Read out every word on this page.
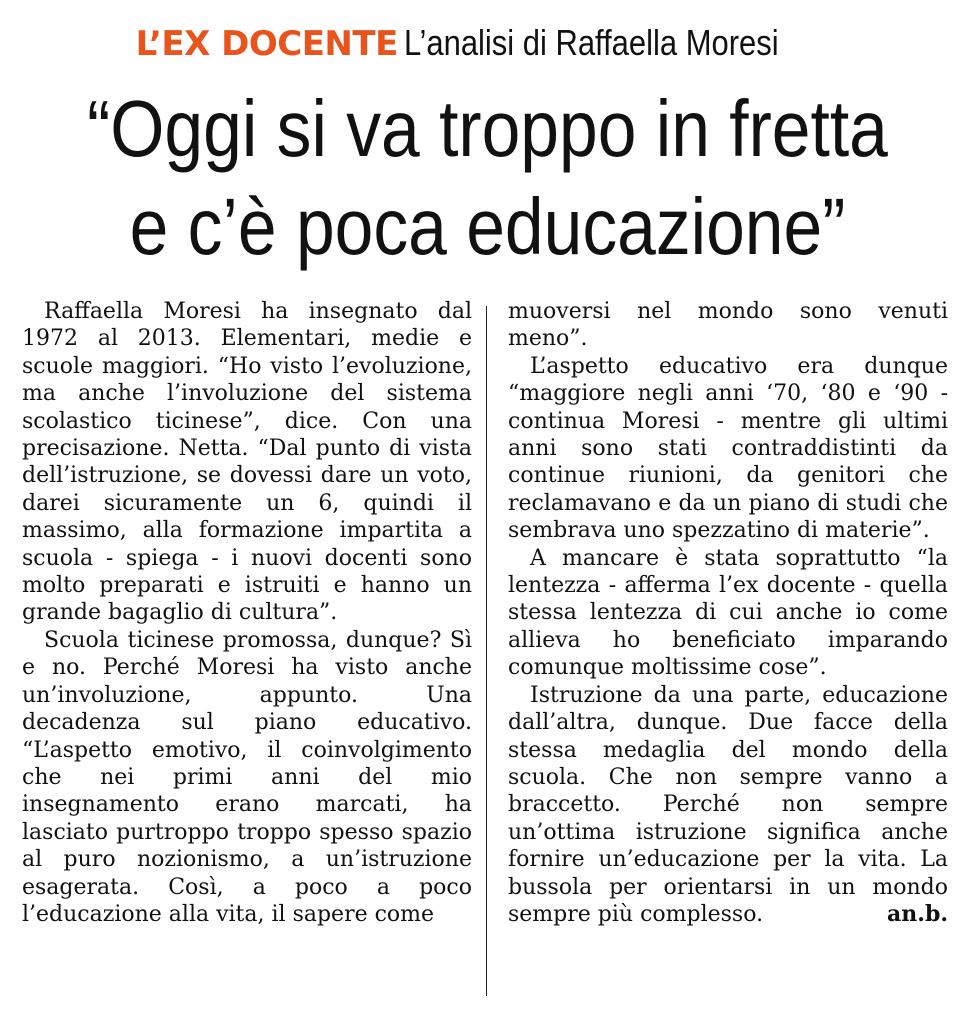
L’EX DOCENTE L’analisi di Raffaella Moresi
“Oggi si va troppo in fretta
e c’è poca educazione”

Raffaella Moresi ha insegnato dal 1972 al 2013. Elementari, medie e scuole maggiori. “Ho visto l’evoluzione, ma anche l’involuzione del sistema scolastico ticinese”, dice. Con una precisazione. Netta. “Dal punto di vista dell’istruzione, se dovessi dare un voto, darei sicuramente un 6, quindi il massimo, alla formazione impartita a scuola - spiega - i nuovi docenti sono molto preparati e istruiti e hanno un grande bagaglio di cultura”.

Scuola ticinese promossa, dunque? Sì e no. Perché Moresi ha visto anche un’involuzione, appunto. Una decadenza sul piano educativo. “L’aspetto emotivo, il coinvolgimento che nei primi anni del mio insegnamento erano marcati, ha lasciato purtroppo troppo spesso spazio al puro nozionismo, a un’istruzione esagerata. Così, a poco a poco l’educazione alla vita, il sapere come

muoversi nel mondo sono venuti meno”.

L’aspetto educativo era dunque “maggiore negli anni ‘70, ‘80 e ‘90 - continua Moresi - mentre gli ultimi anni sono stati contraddistinti da continue riunioni, da genitori che reclamavano e da un piano di studi che sembrava uno spezzatino di materie”.

A mancare è stata soprattutto “la lentezza - afferma l’ex docente - quella stessa lentezza di cui anche io come allieva ho beneficiato imparando comunque moltissime cose”.

Istruzione da una parte, educazione dall’altra, dunque. Due facce della stessa medaglia del mondo della scuola. Che non sempre vanno a braccetto. Perché non sempre un’ottima istruzione significa anche fornire un’educazione per la vita. La bussola per orientarsi in un mondo sempre più complesso.	an.b.
